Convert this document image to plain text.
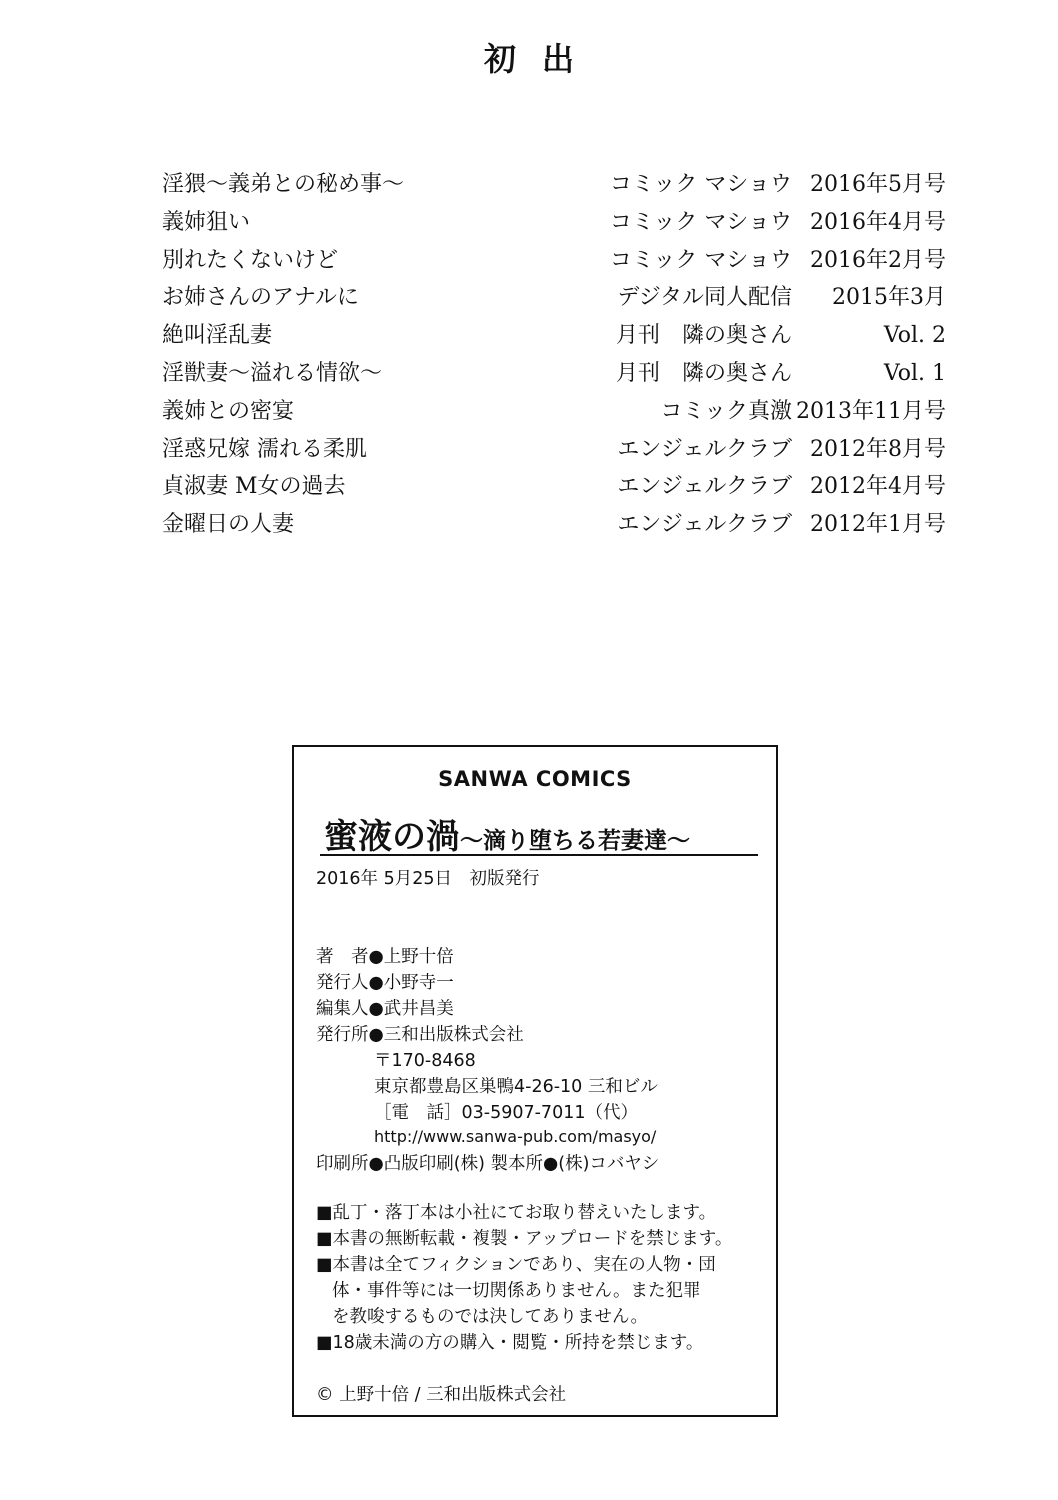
初出
淫猥〜義弟との秘め事〜	コミック マショウ 2016年5月号
義姉狙い	コミック マショウ 2016年4月号
別れたくないけど	コミック マショウ 2016年2月号
お姉さんのアナルに	デジタル同人配信 2015年3月
絶叫淫乱妻	月刊　隣の奥さん	Vol. 2
淫獣妻〜溢れる情欲〜	月刊　隣の奥さん	Vol. 1
義姉との密宴	コミック真激 2013年11月号
淫惑兄嫁 濡れる柔肌	エンジェルクラブ 2012年8月号
貞淑妻 M女の過去	エンジェルクラブ 2012年4月号
金曜日の人妻	エンジェルクラブ 2012年1月号
SANWA COMICS
蜜液の渦〜滴り堕ちる若妻達〜
2016年 5月25日　初版発行
著　者●上野十倍
発行人●小野寺一
編集人●武井昌美
発行所●三和出版株式会社
〒170-8468
東京都豊島区巣鴨4-26-10 三和ビル
［電　話］03-5907-7011（代）
http://www.sanwa-pub.com/masyo/
印刷所●凸版印刷(株) 製本所●(株)コバヤシ
■乱丁・落丁本は小社にてお取り替えいたします。
■本書の無断転載・複製・アップロードを禁じます。
■本書は全てフィクションであり、実在の人物・団
体・事件等には一切関係ありません。また犯罪
を教唆するものでは決してありません。
■18歳未満の方の購入・閲覧・所持を禁じます。
© 上野十倍 / 三和出版株式会社
